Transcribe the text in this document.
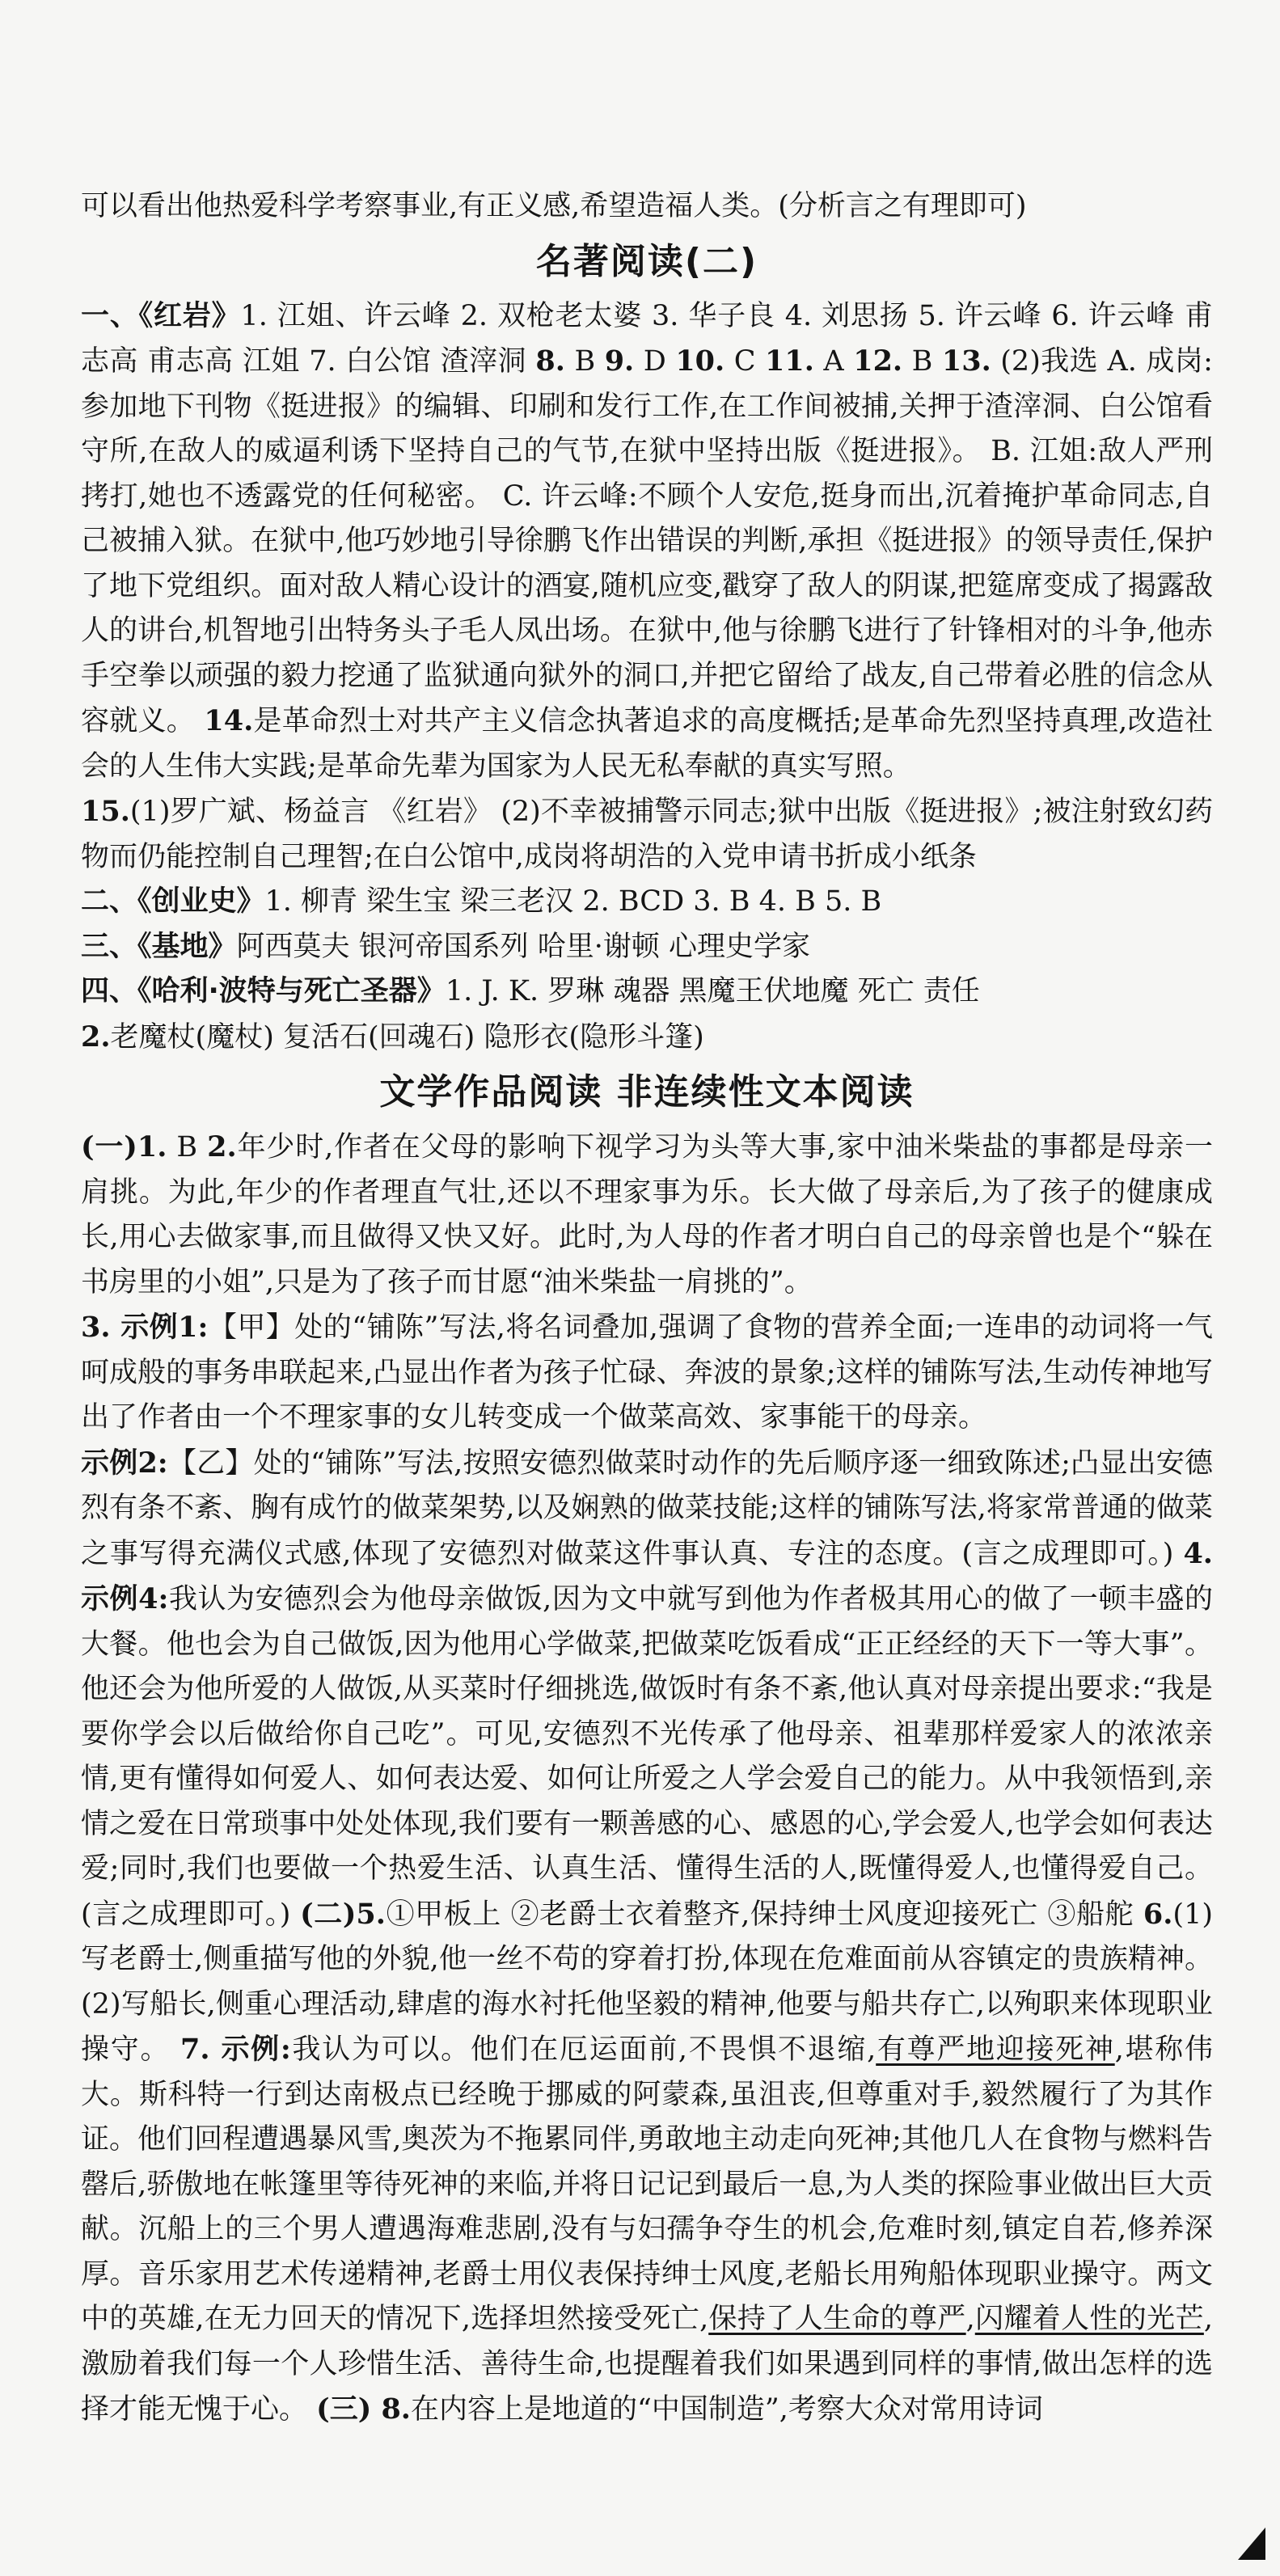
可以看出他热爱科学考察事业,有正义感,希望造福人类。(分析言之有理即可)

名著阅读(二)

一、《红岩》1. 江姐、许云峰 2. 双枪老太婆 3. 华子良 4. 刘思扬 5. 许云峰 6. 许云峰 甫志高 甫志高 江姐 7. 白公馆 渣滓洞 8. B 9. D 10. C 11. A 12. B 13. (2)我选 A. 成岗:参加地下刊物《挺进报》的编辑、印刷和发行工作,在工作间被捕,关押于渣滓洞、白公馆看守所,在敌人的威逼利诱下坚持自己的气节,在狱中坚持出版《挺进报》。 B. 江姐:敌人严刑拷打,她也不透露党的任何秘密。 C. 许云峰:不顾个人安危,挺身而出,沉着掩护革命同志,自己被捕入狱。在狱中,他巧妙地引导徐鹏飞作出错误的判断,承担《挺进报》的领导责任,保护了地下党组织。面对敌人精心设计的酒宴,随机应变,戳穿了敌人的阴谋,把筵席变成了揭露敌人的讲台,机智地引出特务头子毛人凤出场。在狱中,他与徐鹏飞进行了针锋相对的斗争,他赤手空拳以顽强的毅力挖通了监狱通向狱外的洞口,并把它留给了战友,自己带着必胜的信念从容就义。 14.是革命烈士对共产主义信念执著追求的高度概括;是革命先烈坚持真理,改造社会的人生伟大实践;是革命先辈为国家为人民无私奉献的真实写照。
15.(1)罗广斌、杨益言 《红岩》 (2)不幸被捕警示同志;狱中出版《挺进报》;被注射致幻药物而仍能控制自己理智;在白公馆中,成岗将胡浩的入党申请书折成小纸条

二、《创业史》1. 柳青 梁生宝 梁三老汉 2. BCD 3. B 4. B 5. B

三、《基地》阿西莫夫 银河帝国系列 哈里·谢顿 心理史学家

四、《哈利·波特与死亡圣器》1. J. K. 罗琳 魂器 黑魔王伏地魔 死亡 责任
2.老魔杖(魔杖) 复活石(回魂石) 隐形衣(隐形斗篷)

文学作品阅读 非连续性文本阅读

(一)1. B 2.年少时,作者在父母的影响下视学习为头等大事,家中油米柴盐的事都是母亲一肩挑。为此,年少的作者理直气壮,还以不理家事为乐。长大做了母亲后,为了孩子的健康成长,用心去做家事,而且做得又快又好。此时,为人母的作者才明白自己的母亲曾也是个“躲在书房里的小姐”,只是为了孩子而甘愿“油米柴盐一肩挑的”。
3. 示例1:【甲】处的“铺陈”写法,将名词叠加,强调了食物的营养全面;一连串的动词将一气呵成般的事务串联起来,凸显出作者为孩子忙碌、奔波的景象;这样的铺陈写法,生动传神地写出了作者由一个不理家事的女儿转变成一个做菜高效、家事能干的母亲。
示例2:【乙】处的“铺陈”写法,按照安德烈做菜时动作的先后顺序逐一细致陈述;凸显出安德烈有条不紊、胸有成竹的做菜架势,以及娴熟的做菜技能;这样的铺陈写法,将家常普通的做菜之事写得充满仪式感,体现了安德烈对做菜这件事认真、专注的态度。(言之成理即可。) 4. 示例4:我认为安德烈会为他母亲做饭,因为文中就写到他为作者极其用心的做了一顿丰盛的大餐。他也会为自己做饭,因为他用心学做菜,把做菜吃饭看成“正正经经的天下一等大事”。他还会为他所爱的人做饭,从买菜时仔细挑选,做饭时有条不紊,他认真对母亲提出要求:“我是要你学会以后做给你自己吃”。可见,安德烈不光传承了他母亲、祖辈那样爱家人的浓浓亲情,更有懂得如何爱人、如何表达爱、如何让所爱之人学会爱自己的能力。从中我领悟到,亲情之爱在日常琐事中处处体现,我们要有一颗善感的心、感恩的心,学会爱人,也学会如何表达爱;同时,我们也要做一个热爱生活、认真生活、懂得生活的人,既懂得爱人,也懂得爱自己。(言之成理即可。) (二)5.①甲板上 ②老爵士衣着整齐,保持绅士风度迎接死亡 ③船舵 6.(1)写老爵士,侧重描写他的外貌,他一丝不苟的穿着打扮,体现在危难面前从容镇定的贵族精神。 (2)写船长,侧重心理活动,肆虐的海水衬托他坚毅的精神,他要与船共存亡,以殉职来体现职业操守。 7. 示例:我认为可以。他们在厄运面前,不畏惧不退缩,有尊严地迎接死神,堪称伟大。斯科特一行到达南极点已经晚于挪威的阿蒙森,虽沮丧,但尊重对手,毅然履行了为其作证。他们回程遭遇暴风雪,奥茨为不拖累同伴,勇敢地主动走向死神;其他几人在食物与燃料告罄后,骄傲地在帐篷里等待死神的来临,并将日记记到最后一息,为人类的探险事业做出巨大贡献。沉船上的三个男人遭遇海难悲剧,没有与妇孺争夺生的机会,危难时刻,镇定自若,修养深厚。音乐家用艺术传递精神,老爵士用仪表保持绅士风度,老船长用殉船体现职业操守。两文中的英雄,在无力回天的情况下,选择坦然接受死亡,保持了人生命的尊严,闪耀着人性的光芒,激励着我们每一个人珍惜生活、善待生命,也提醒着我们如果遇到同样的事情,做出怎样的选择才能无愧于心。 (三) 8.在内容上是地道的“中国制造”,考察大众对常用诗词
